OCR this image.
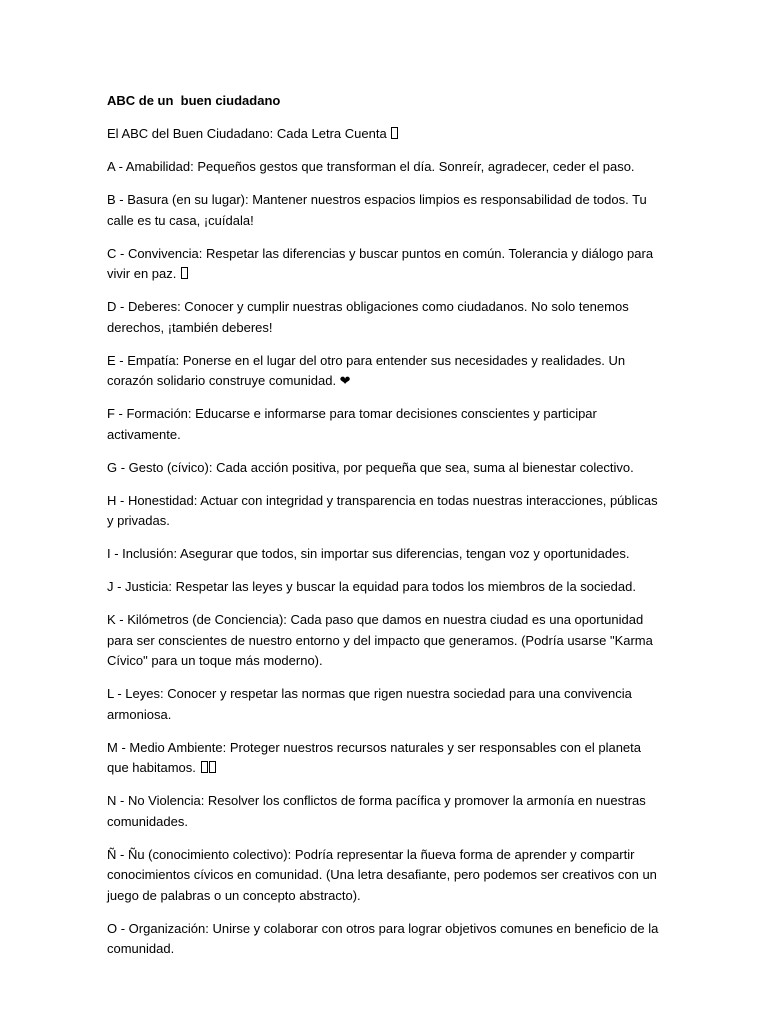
ABC de un  buen ciudadano

El ABC del Buen Ciudadano: Cada Letra Cuenta

A - Amabilidad: Pequeños gestos que transforman el día. Sonreír, agradecer, ceder el paso.

B - Basura (en su lugar): Mantener nuestros espacios limpios es responsabilidad de todos. Tu calle es tu casa, ¡cuídala!

C - Convivencia: Respetar las diferencias y buscar puntos en común. Tolerancia y diálogo para vivir en paz.

D - Deberes: Conocer y cumplir nuestras obligaciones como ciudadanos. No solo tenemos derechos, ¡también deberes!

E - Empatía: Ponerse en el lugar del otro para entender sus necesidades y realidades. Un corazón solidario construye comunidad. ❤

F - Formación: Educarse e informarse para tomar decisiones conscientes y participar activamente.

G - Gesto (cívico): Cada acción positiva, por pequeña que sea, suma al bienestar colectivo.

H - Honestidad: Actuar con integridad y transparencia en todas nuestras interacciones, públicas y privadas.

I - Inclusión: Asegurar que todos, sin importar sus diferencias, tengan voz y oportunidades.

J - Justicia: Respetar las leyes y buscar la equidad para todos los miembros de la sociedad.

K - Kilómetros (de Conciencia): Cada paso que damos en nuestra ciudad es una oportunidad para ser conscientes de nuestro entorno y del impacto que generamos. (Podría usarse "Karma Cívico" para un toque más moderno).

L - Leyes: Conocer y respetar las normas que rigen nuestra sociedad para una convivencia armoniosa.

M - Medio Ambiente: Proteger nuestros recursos naturales y ser responsables con el planeta que habitamos.

N - No Violencia: Resolver los conflictos de forma pacífica y promover la armonía en nuestras comunidades.

Ñ - Ñu (conocimiento colectivo): Podría representar la ñueva forma de aprender y compartir conocimientos cívicos en comunidad. (Una letra desafiante, pero podemos ser creativos con un juego de palabras o un concepto abstracto).

O - Organización: Unirse y colaborar con otros para lograr objetivos comunes en beneficio de la comunidad.
